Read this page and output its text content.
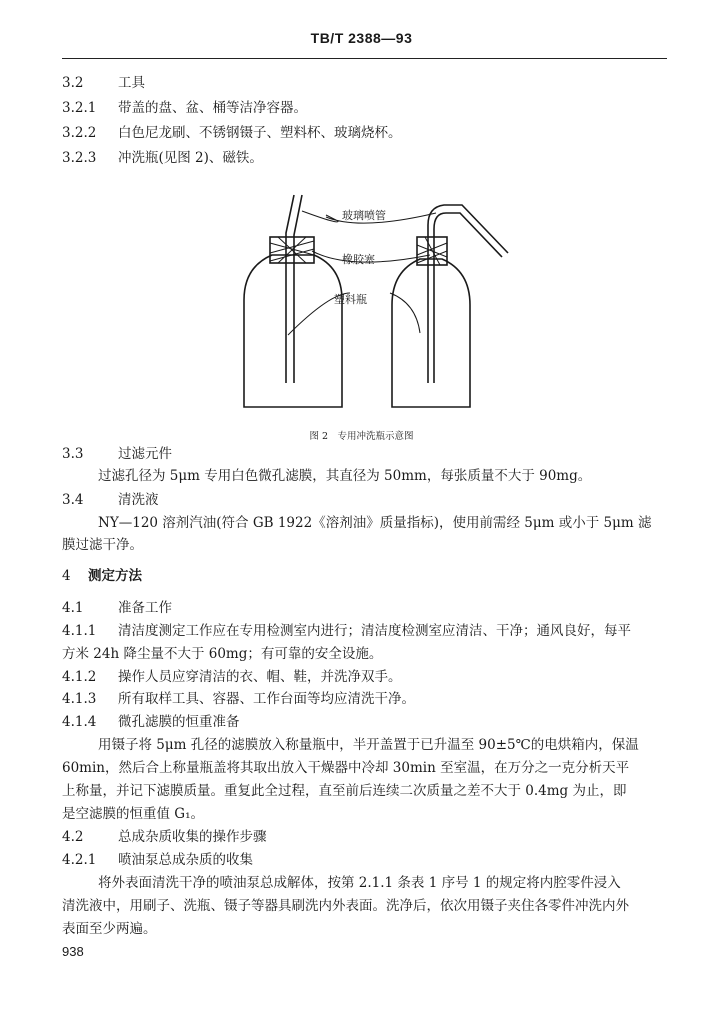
TB/T 2388—93
3.2	工具
3.2.1 带盖的盘、盆、桶等洁净容器。
3.2.2 白色尼龙刷、不锈钢镊子、塑料杯、玻璃烧杯。
3.2.3 冲洗瓶(见图 2)、磁铁。
玻璃喷管
橡胶塞
塑料瓶
图 2　专用冲洗瓶示意图
3.3	过滤元件
过滤孔径为 5μm 专用白色微孔滤膜，其直径为 50mm，每张质量不大于 90mg。
3.4	清洗液
NY—120 溶剂汽油(符合 GB 1922《溶剂油》质量指标)，使用前需经 5μm 或小于 5μm 滤
膜过滤干净。
4 测定方法
4.1	准备工作
4.1.1 清洁度测定工作应在专用检测室内进行；清洁度检测室应清洁、干净；通风良好，每平
方米 24h 降尘量不大于 60mg；有可靠的安全设施。
4.1.2 操作人员应穿清洁的衣、帽、鞋，并洗净双手。
4.1.3 所有取样工具、容器、工作台面等均应清洗干净。
4.1.4 微孔滤膜的恒重准备
用镊子将 5μm 孔径的滤膜放入称量瓶中，半开盖置于已升温至 90±5℃的电烘箱内，保温
60min，然后合上称量瓶盖将其取出放入干燥器中冷却 30min 至室温，在万分之一克分析天平
上称量，并记下滤膜质量。重复此全过程，直至前后连续二次质量之差不大于 0.4mg 为止，即
是空滤膜的恒重值 G₁。
4.2	总成杂质收集的操作步骤
4.2.1 喷油泵总成杂质的收集
将外表面清洗干净的喷油泵总成解体，按第 2.1.1 条表 1 序号 1 的规定将内腔零件浸入
清洗液中，用刷子、洗瓶、镊子等器具刷洗内外表面。洗净后，依次用镊子夹住各零件冲洗内外
表面至少两遍。
938
